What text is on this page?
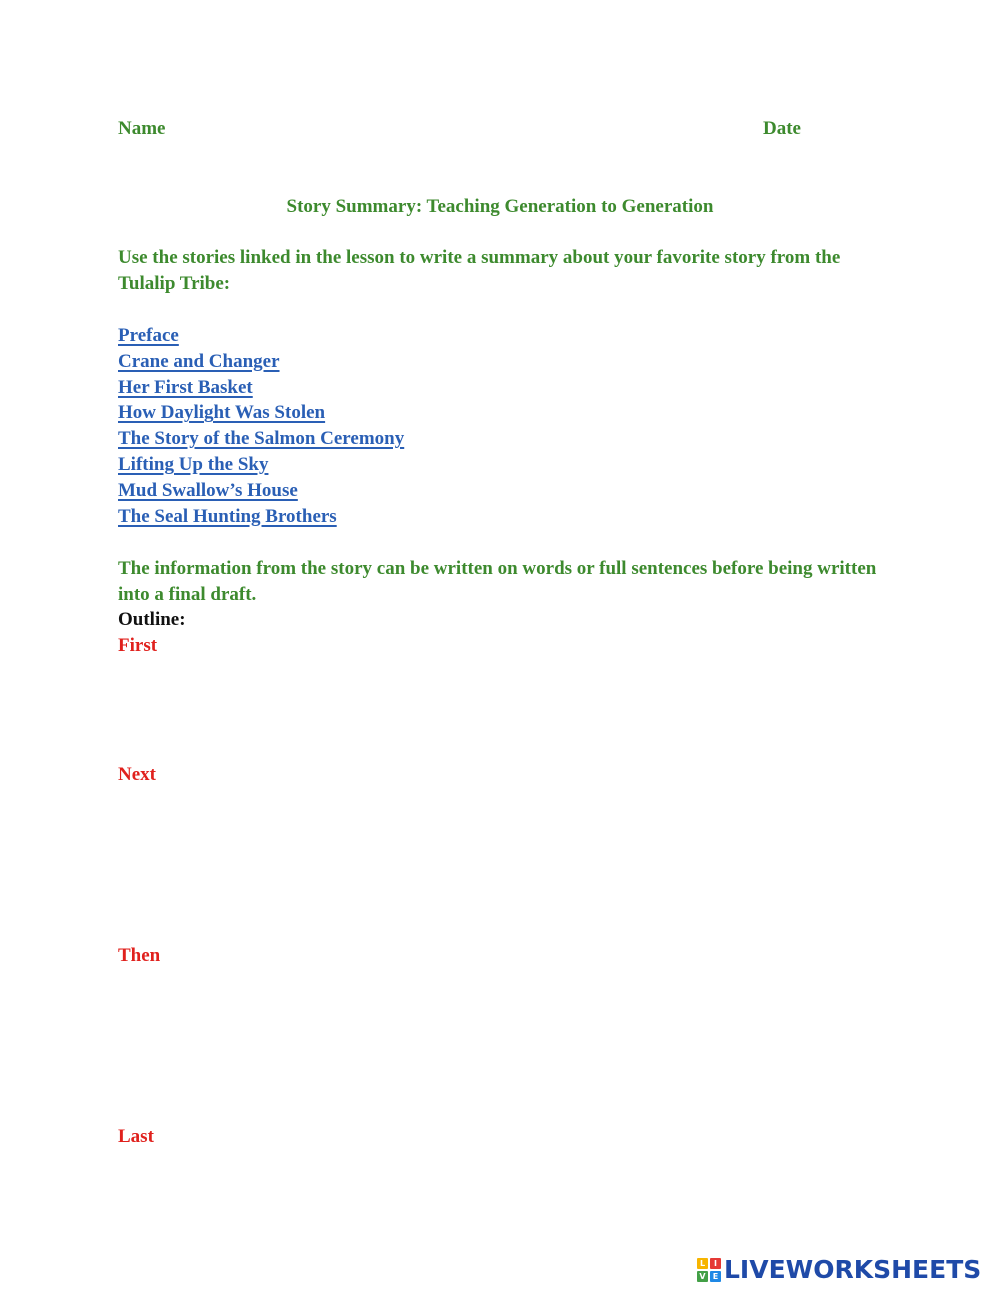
Name	Date
Story Summary: Teaching Generation to Generation
Use the stories linked in the lesson to write a summary about your favorite story from the Tulalip Tribe:
Preface
Crane and Changer
Her First Basket
How Daylight Was Stolen
The Story of the Salmon Ceremony
Lifting Up the Sky
Mud Swallow’s House
The Seal Hunting Brothers
The information from the story can be written on words or full sentences before being written into a final draft.
Outline:
First
Next
Then
Last
L	I
V E LIVEWORKSHEETS
